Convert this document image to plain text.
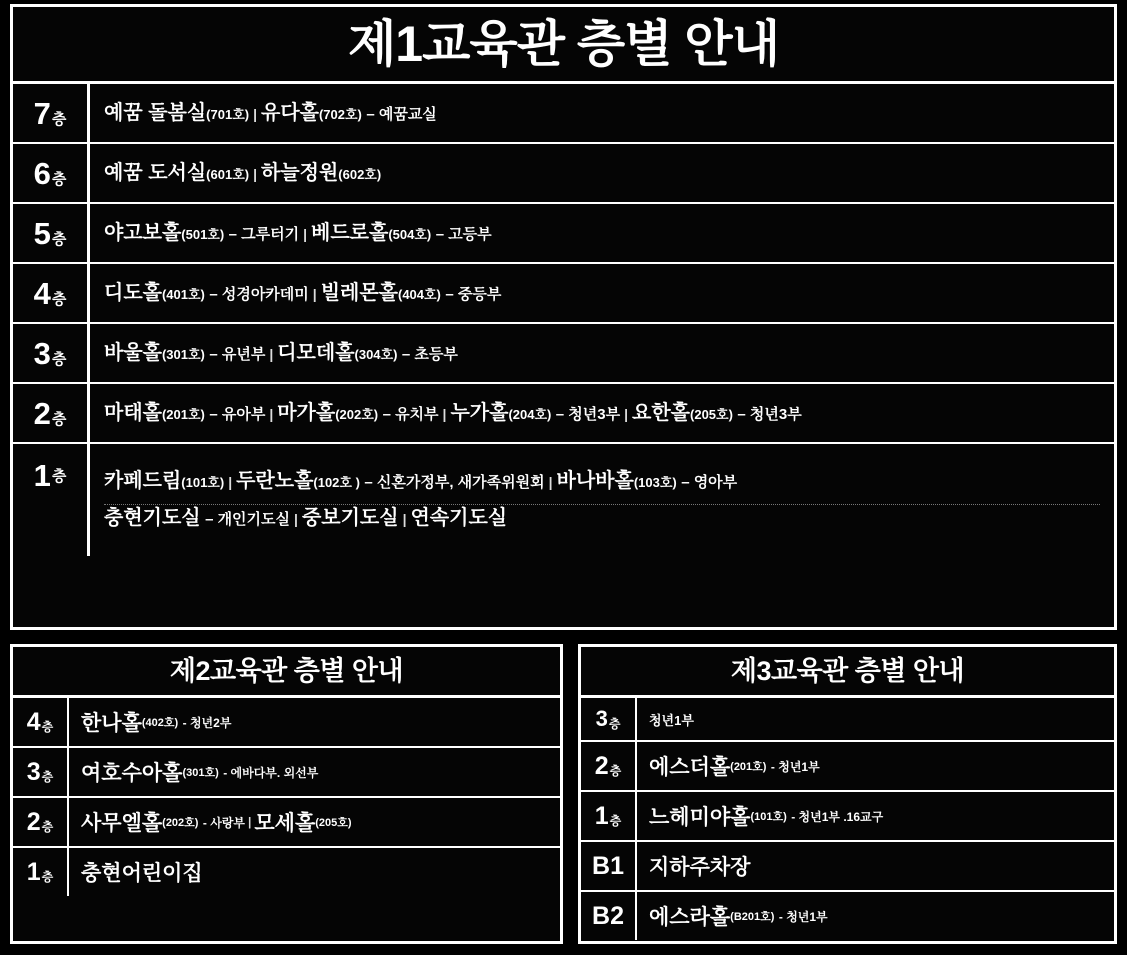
제1교육관 층별 안내
7 층 예꿈 돌봄실(701호) | 유다홀(702호) – 예꿈교실
6 층 예꿈 도서실(601호) | 하늘정원(602호)
5 층 야고보홀(501호) – 그루터기 | 베드로홀(504호) – 고등부
4 층 디도홀(401호) – 성경아카데미 | 빌레몬홀(404호) – 중등부
3 층 바울홀(301호) – 유년부 | 디모데홀(304호) – 초등부
2 층 마태홀(201호) – 유아부 | 마가홀(202호) – 유치부 | 누가홀(204호) – 청년3부 | 요한홀(205호) – 청년3부
1 층 카페드림(101호) | 두란노홀(102호 ) – 신혼가정부, 새가족위원회 | 바나바홀(103호) – 영아부
충현기도실 – 개인기도실 | 중보기도실 | 연속기도실
제2교육관 층별 안내
4 층 한나홀 (402호)
- 청년2부
3 층 여호수아홀 (301호)
- 에바다부. 외선부
2 층 사무엘홀 (202호)
- 사랑부 | 모세홀 (205호)
1 층 충현어린이집
제3교육관 층별 안내
3 층 청년1부
2 층 에스더홀 (201호)
- 청년1부
1 층 느헤미야홀 (101호)
- 청년1부 .16교구
B1 지하주차장
B2 에스라홀 (B201호)
- 청년1부
